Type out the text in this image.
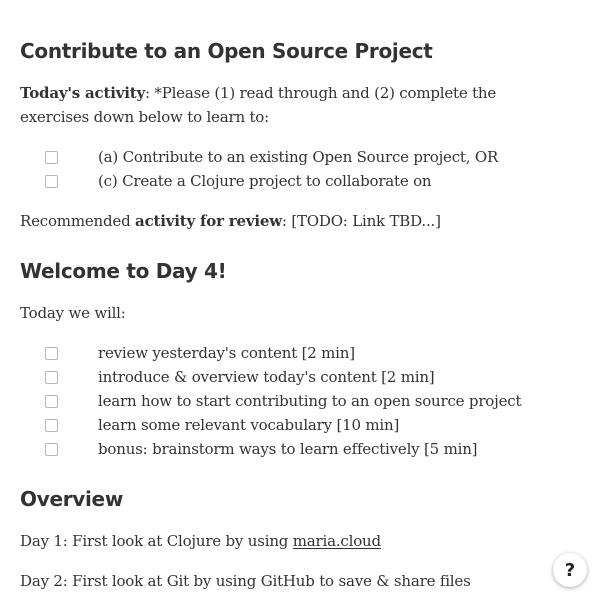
Contribute to an Open Source Project

Today's activity: *Please (1) read through and (2) complete the exercises down below to learn to:

(a) Contribute to an existing Open Source project, OR
(c) Create a Clojure project to collaborate on

Recommended activity for review: [TODO: Link TBD...]

Welcome to Day 4!

Today we will:

review yesterday's content [2 min]
introduce & overview today's content [2 min]
learn how to start contributing to an open source project
learn some relevant vocabulary [10 min]
bonus: brainstorm ways to learn effectively [5 min]
Overview

Day 1: First look at Clojure by using maria.cloud

Day 2: First look at Git by using GitHub to save & share files

?
